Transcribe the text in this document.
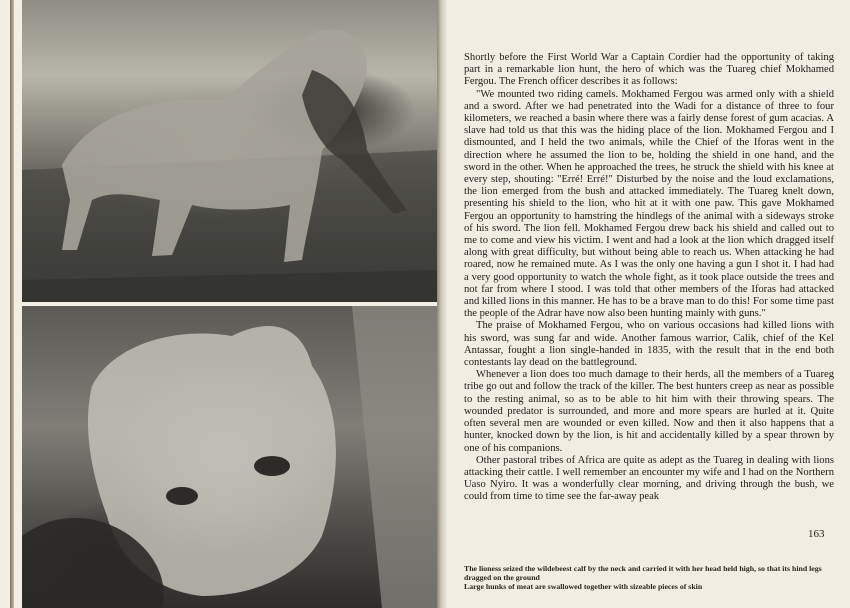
Shortly before the First World War a Captain Cordier had the opportunity of taking part in a remarkable lion hunt, the hero of which was the Tuareg chief Mokhamed Fergou. The French officer describes it as follows:

"We mounted two riding camels. Mokhamed Fergou was armed only with a shield and a sword. After we had penetrated into the Wadi for a distance of three to four kilometers, we reached a basin where there was a fairly dense forest of gum acacias. A slave had told us that this was the hiding place of the lion. Mokhamed Fergou and I dismounted, and I held the two animals, while the Chief of the Iforas went in the direction where he assumed the lion to be, holding the shield in one hand, and the sword in the other. When he approached the trees, he struck the shield with his knee at every step, shouting: "Erré! Erré!" Disturbed by the noise and the loud exclamations, the lion emerged from the bush and attacked immediately. The Tuareg knelt down, presenting his shield to the lion, who hit at it with one paw. This gave Mokhamed Fergou an opportunity to hamstring the hindlegs of the animal with a sideways stroke of his sword. The lion fell. Mokhamed Fergou drew back his shield and called out to me to come and view his victim. I went and had a look at the lion which dragged itself along with great difficulty, but without being able to reach us. When attacking he had roared, now he remained mute. As I was the only one having a gun I shot it. I had had a very good opportunity to watch the whole fight, as it took place outside the trees and not far from where I stood. I was told that other members of the Iforas had attacked and killed lions in this manner. He has to be a brave man to do this! For some time past the people of the Adrar have now also been hunting mainly with guns."

The praise of Mokhamed Fergou, who on various occasions had killed lions with his sword, was sung far and wide. Another famous warrior, Calik, chief of the Kel Antassar, fought a lion single-handed in 1835, with the result that in the end both contestants lay dead on the battleground.

Whenever a lion does too much damage to their herds, all the members of a Tuareg tribe go out and follow the track of the killer. The best hunters creep as near as possible to the resting animal, so as to be able to hit him with their throwing spears. The wounded predator is surrounded, and more and more spears are hurled at it. Quite often several men are wounded or even killed. Now and then it also happens that a hunter, knocked down by the lion, is hit and accidentally killed by a spear thrown by one of his companions.

Other pastoral tribes of Africa are quite as adept as the Tuareg in dealing with lions attacking their cattle. I well remember an encounter my wife and I had on the Northern Uaso Nyiro. It was a wonderfully clear morning, and driving through the bush, we could from time to time see the far-away peak

163
The lioness seized the wildebeest calf by the neck and carried it with her head held high, so that its hind legs dragged on the ground
Large hunks of meat are swallowed together with sizeable pieces of skin
